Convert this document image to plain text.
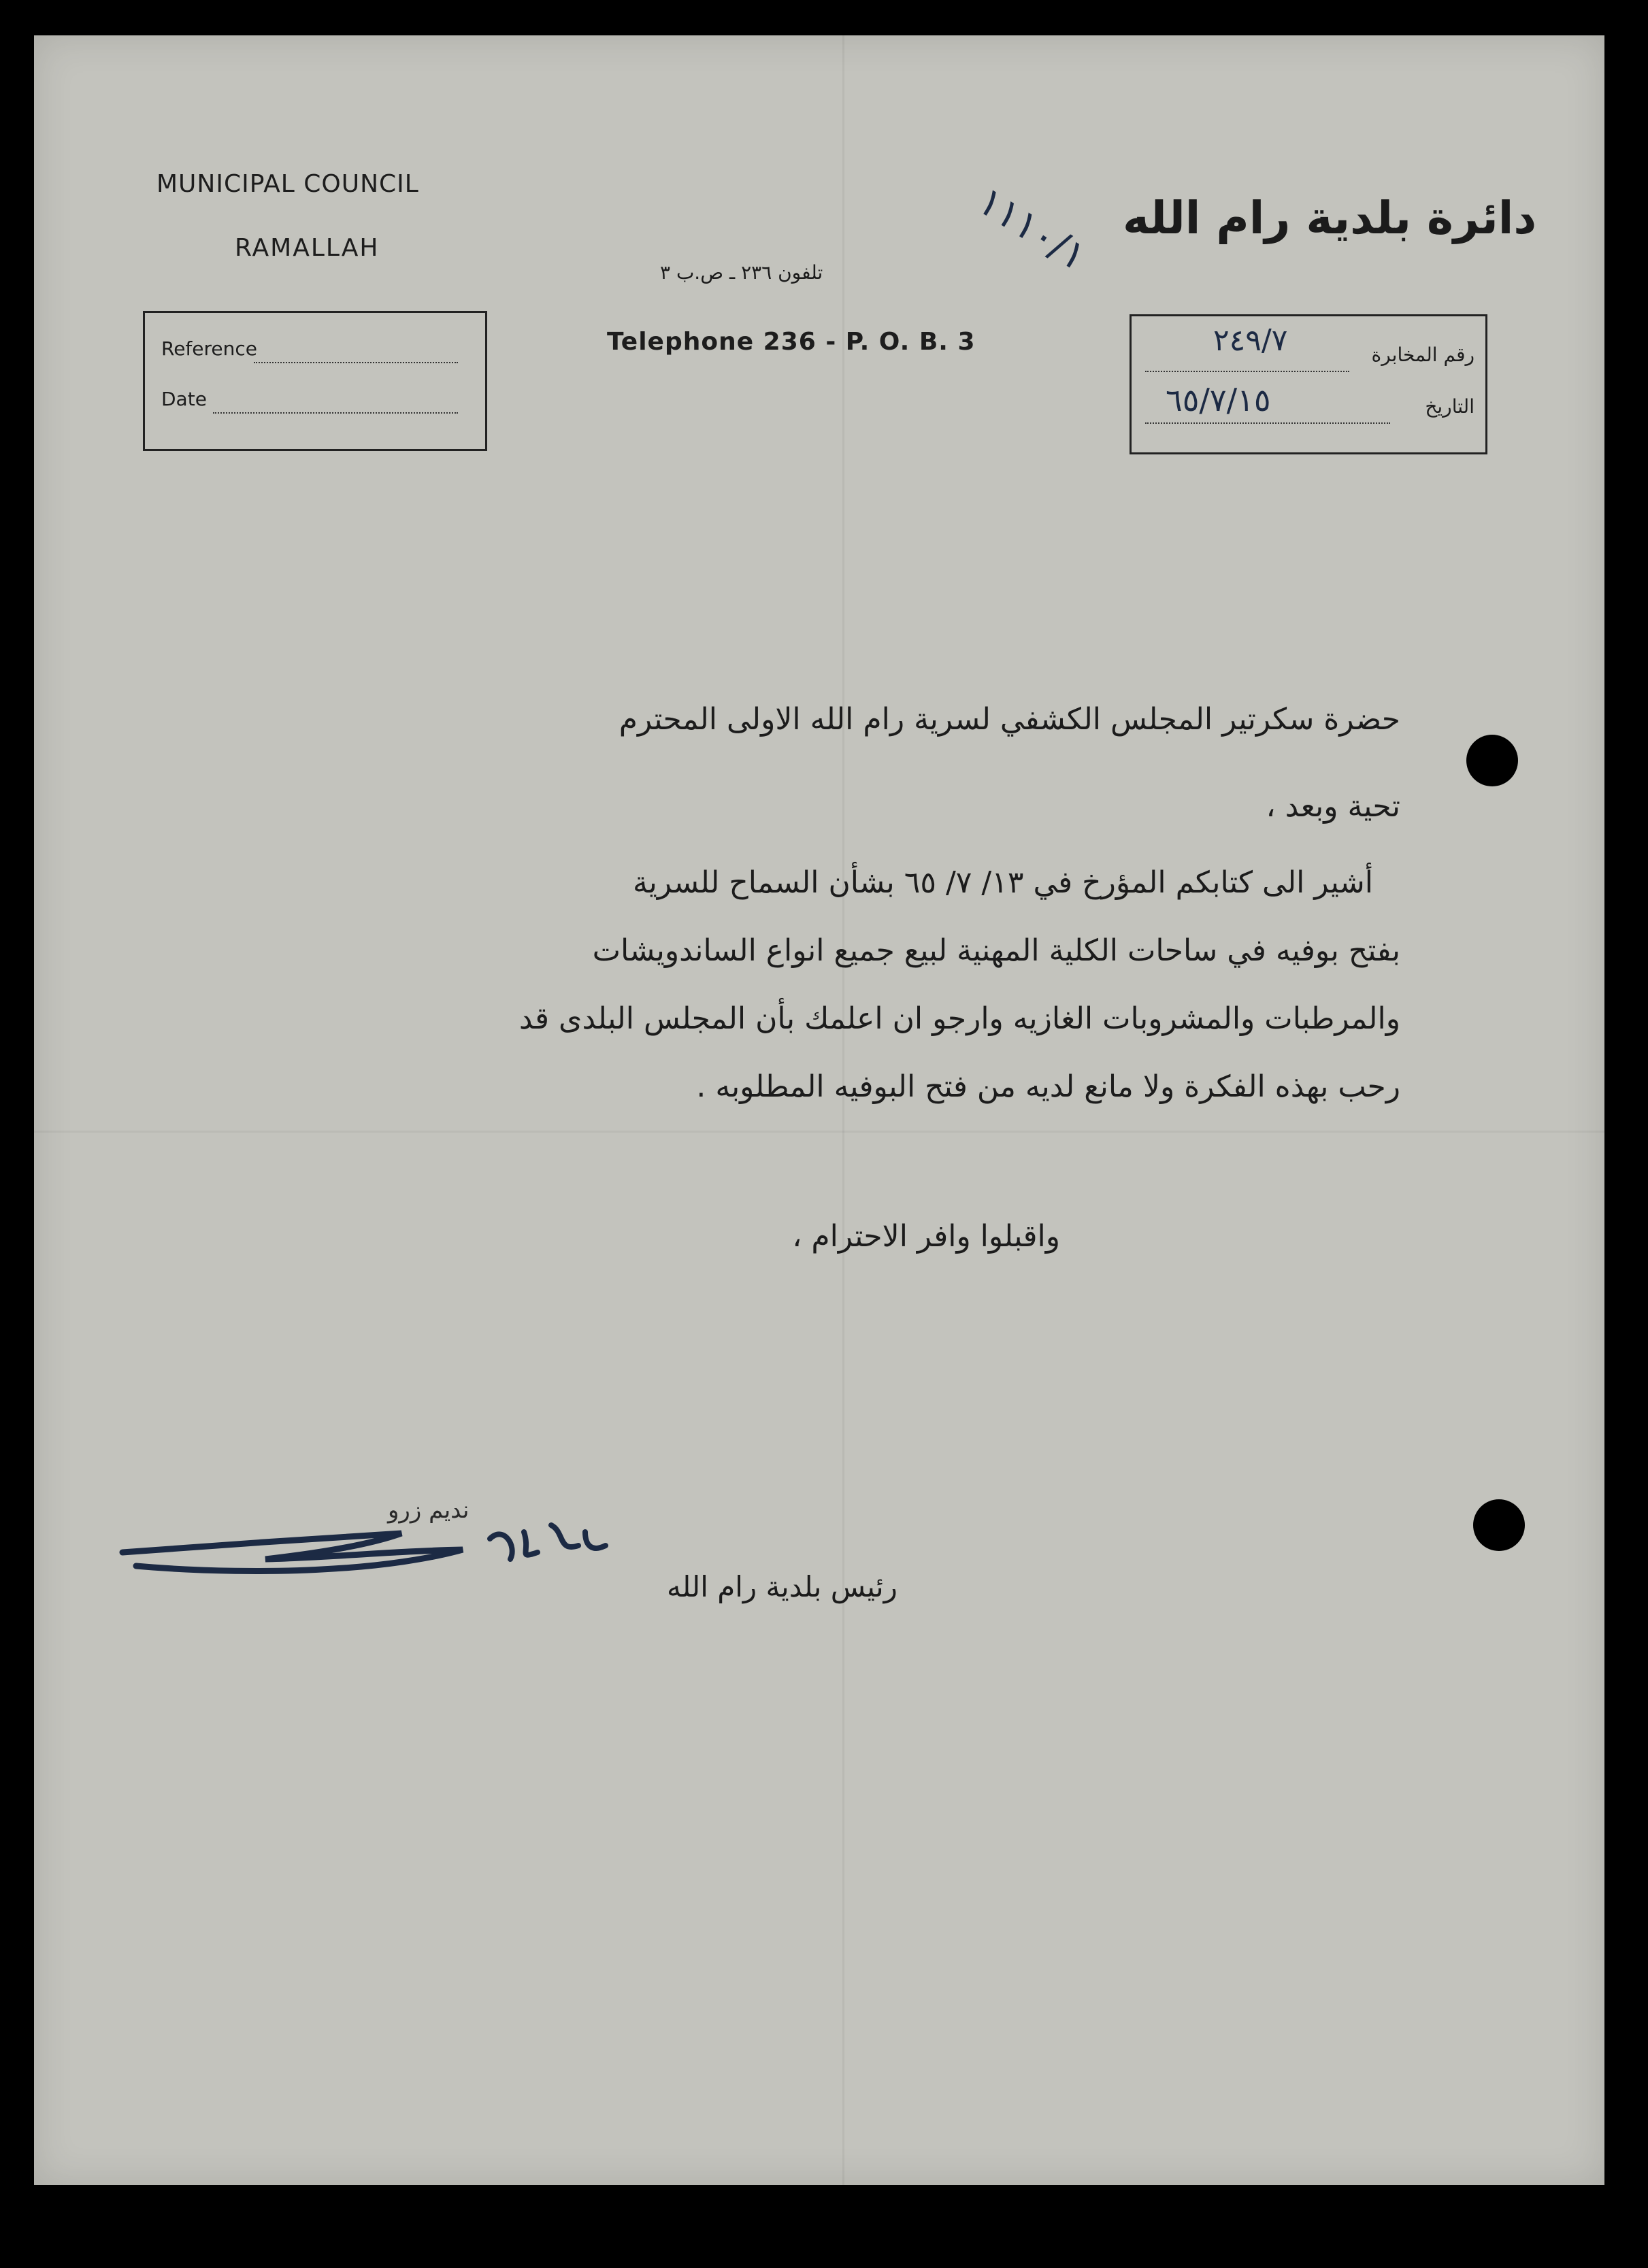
MUNICIPAL COUNCIL
RAMALLAH
تلفون ٢٣٦ ـ ص.ب ٣
Telephone 236 - P. O. B. 3
دائرة بلدية رام الله
١١١٠/١
Reference
Date
رقم المخابرة
التاريخ
٢٤٩/٧
٦٥/٧/١٥
حضرة سكرتير المجلس الكشفي لسرية رام الله الاولى المحترم
تحية وبعد ،
أشير الى كتابكم المؤرخ في ١٣/ ٧/ ٦٥ بشأن السماح للسرية
بفتح بوفيه في ساحات الكلية المهنية لبيع جميع انواع الساندويشات
والمرطبات والمشروبات الغازيه وارجو ان اعلمك بأن المجلس البلدى قد
رحب بهذه الفكرة ولا مانع لديه من فتح البوفيه المطلوبه .
واقبلوا وافر الاحترام ،
نديم زرو
رئيس بلدية رام الله
